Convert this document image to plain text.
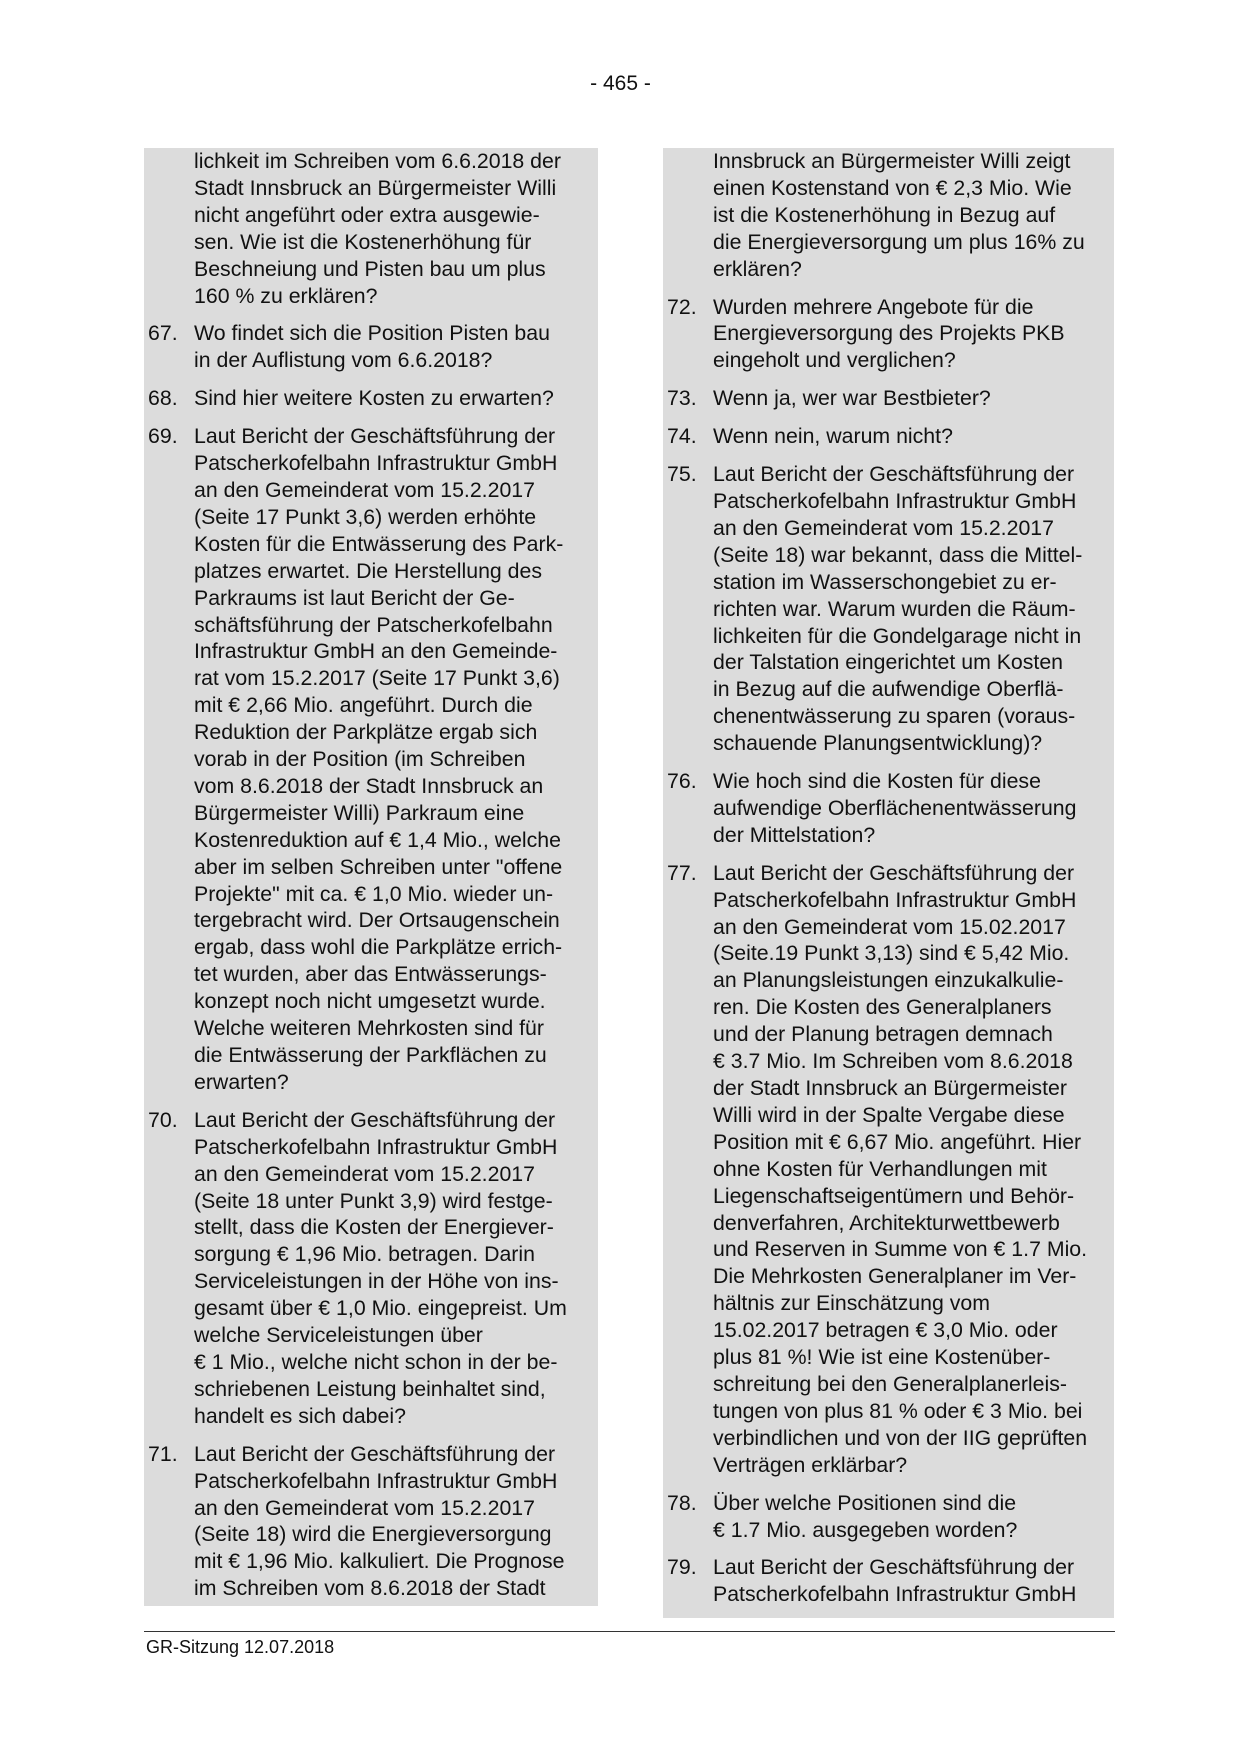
- 465 -
lichkeit im Schreiben vom 6.6.2018 der
Stadt Innsbruck an Bürgermeister Willi
nicht angeführt oder extra ausgewie-
sen. Wie ist die Kostenerhöhung für
Beschneiung und Pisten bau um plus
160 % zu erklären?
67. Wo findet sich die Position Pisten bau
in der Auflistung vom 6.6.2018?
68. Sind hier weitere Kosten zu erwarten?
69. Laut Bericht der Geschäftsführung der
Patscherkofelbahn Infrastruktur GmbH
an den Gemeinderat vom 15.2.2017
(Seite 17 Punkt 3,6) werden erhöhte
Kosten für die Entwässerung des Park-
platzes erwartet. Die Herstellung des
Parkraums ist laut Bericht der Ge-
schäftsführung der Patscherkofelbahn
Infrastruktur GmbH an den Gemeinde-
rat vom 15.2.2017 (Seite 17 Punkt 3,6)
mit € 2,66 Mio. angeführt. Durch die
Reduktion der Parkplätze ergab sich
vorab in der Position (im Schreiben
vom 8.6.2018 der Stadt Innsbruck an
Bürgermeister Willi) Parkraum eine
Kostenreduktion auf € 1,4 Mio., welche
aber im selben Schreiben unter "offene
Projekte" mit ca. € 1,0 Mio. wieder un-
tergebracht wird. Der Ortsaugenschein
ergab, dass wohl die Parkplätze errich-
tet wurden, aber das Entwässerungs-
konzept noch nicht umgesetzt wurde.
Welche weiteren Mehrkosten sind für
die Entwässerung der Parkflächen zu
erwarten?
70. Laut Bericht der Geschäftsführung der
Patscherkofelbahn Infrastruktur GmbH
an den Gemeinderat vom 15.2.2017
(Seite 18 unter Punkt 3,9) wird festge-
stellt, dass die Kosten der Energiever-
sorgung € 1,96 Mio. betragen. Darin
Serviceleistungen in der Höhe von ins-
gesamt über € 1,0 Mio. eingepreist. Um
welche Serviceleistungen über
€ 1 Mio., welche nicht schon in der be-
schriebenen Leistung beinhaltet sind,
handelt es sich dabei?
71. Laut Bericht der Geschäftsführung der
Patscherkofelbahn Infrastruktur GmbH
an den Gemeinderat vom 15.2.2017
(Seite 18) wird die Energieversorgung
mit € 1,96 Mio. kalkuliert. Die Prognose
im Schreiben vom 8.6.2018 der Stadt
Innsbruck an Bürgermeister Willi zeigt
einen Kostenstand von € 2,3 Mio. Wie
ist die Kostenerhöhung in Bezug auf
die Energieversorgung um plus 16% zu
erklären?
72. Wurden mehrere Angebote für die
Energieversorgung des Projekts PKB
eingeholt und verglichen?
73. Wenn ja, wer war Bestbieter?
74. Wenn nein, warum nicht?
75. Laut Bericht der Geschäftsführung der
Patscherkofelbahn Infrastruktur GmbH
an den Gemeinderat vom 15.2.2017
(Seite 18) war bekannt, dass die Mittel-
station im Wasserschongebiet zu er-
richten war. Warum wurden die Räum-
lichkeiten für die Gondelgarage nicht in
der Talstation eingerichtet um Kosten
in Bezug auf die aufwendige Oberflä-
chenentwässerung zu sparen (voraus-
schauende Planungsentwicklung)?
76. Wie hoch sind die Kosten für diese
aufwendige Oberflächenentwässerung
der Mittelstation?
77. Laut Bericht der Geschäftsführung der
Patscherkofelbahn Infrastruktur GmbH
an den Gemeinderat vom 15.02.2017
(Seite.19 Punkt 3,13) sind € 5,42 Mio.
an Planungsleistungen einzukalkulie-
ren. Die Kosten des Generalplaners
und der Planung betragen demnach
€ 3.7 Mio. Im Schreiben vom 8.6.2018
der Stadt Innsbruck an Bürgermeister
Willi wird in der Spalte Vergabe diese
Position mit € 6,67 Mio. angeführt. Hier
ohne Kosten für Verhandlungen mit
Liegenschaftseigentümern und Behör-
denverfahren, Architekturwettbewerb
und Reserven in Summe von € 1.7 Mio.
Die Mehrkosten Generalplaner im Ver-
hältnis zur Einschätzung vom
15.02.2017 betragen € 3,0 Mio. oder
plus 81 %! Wie ist eine Kostenüber-
schreitung bei den Generalplanerleis-
tungen von plus 81 % oder € 3 Mio. bei
verbindlichen und von der IIG geprüften
Verträgen erklärbar?
78. Über welche Positionen sind die
€ 1.7 Mio. ausgegeben worden?
79. Laut Bericht der Geschäftsführung der
Patscherkofelbahn Infrastruktur GmbH
GR-Sitzung 12.07.2018
